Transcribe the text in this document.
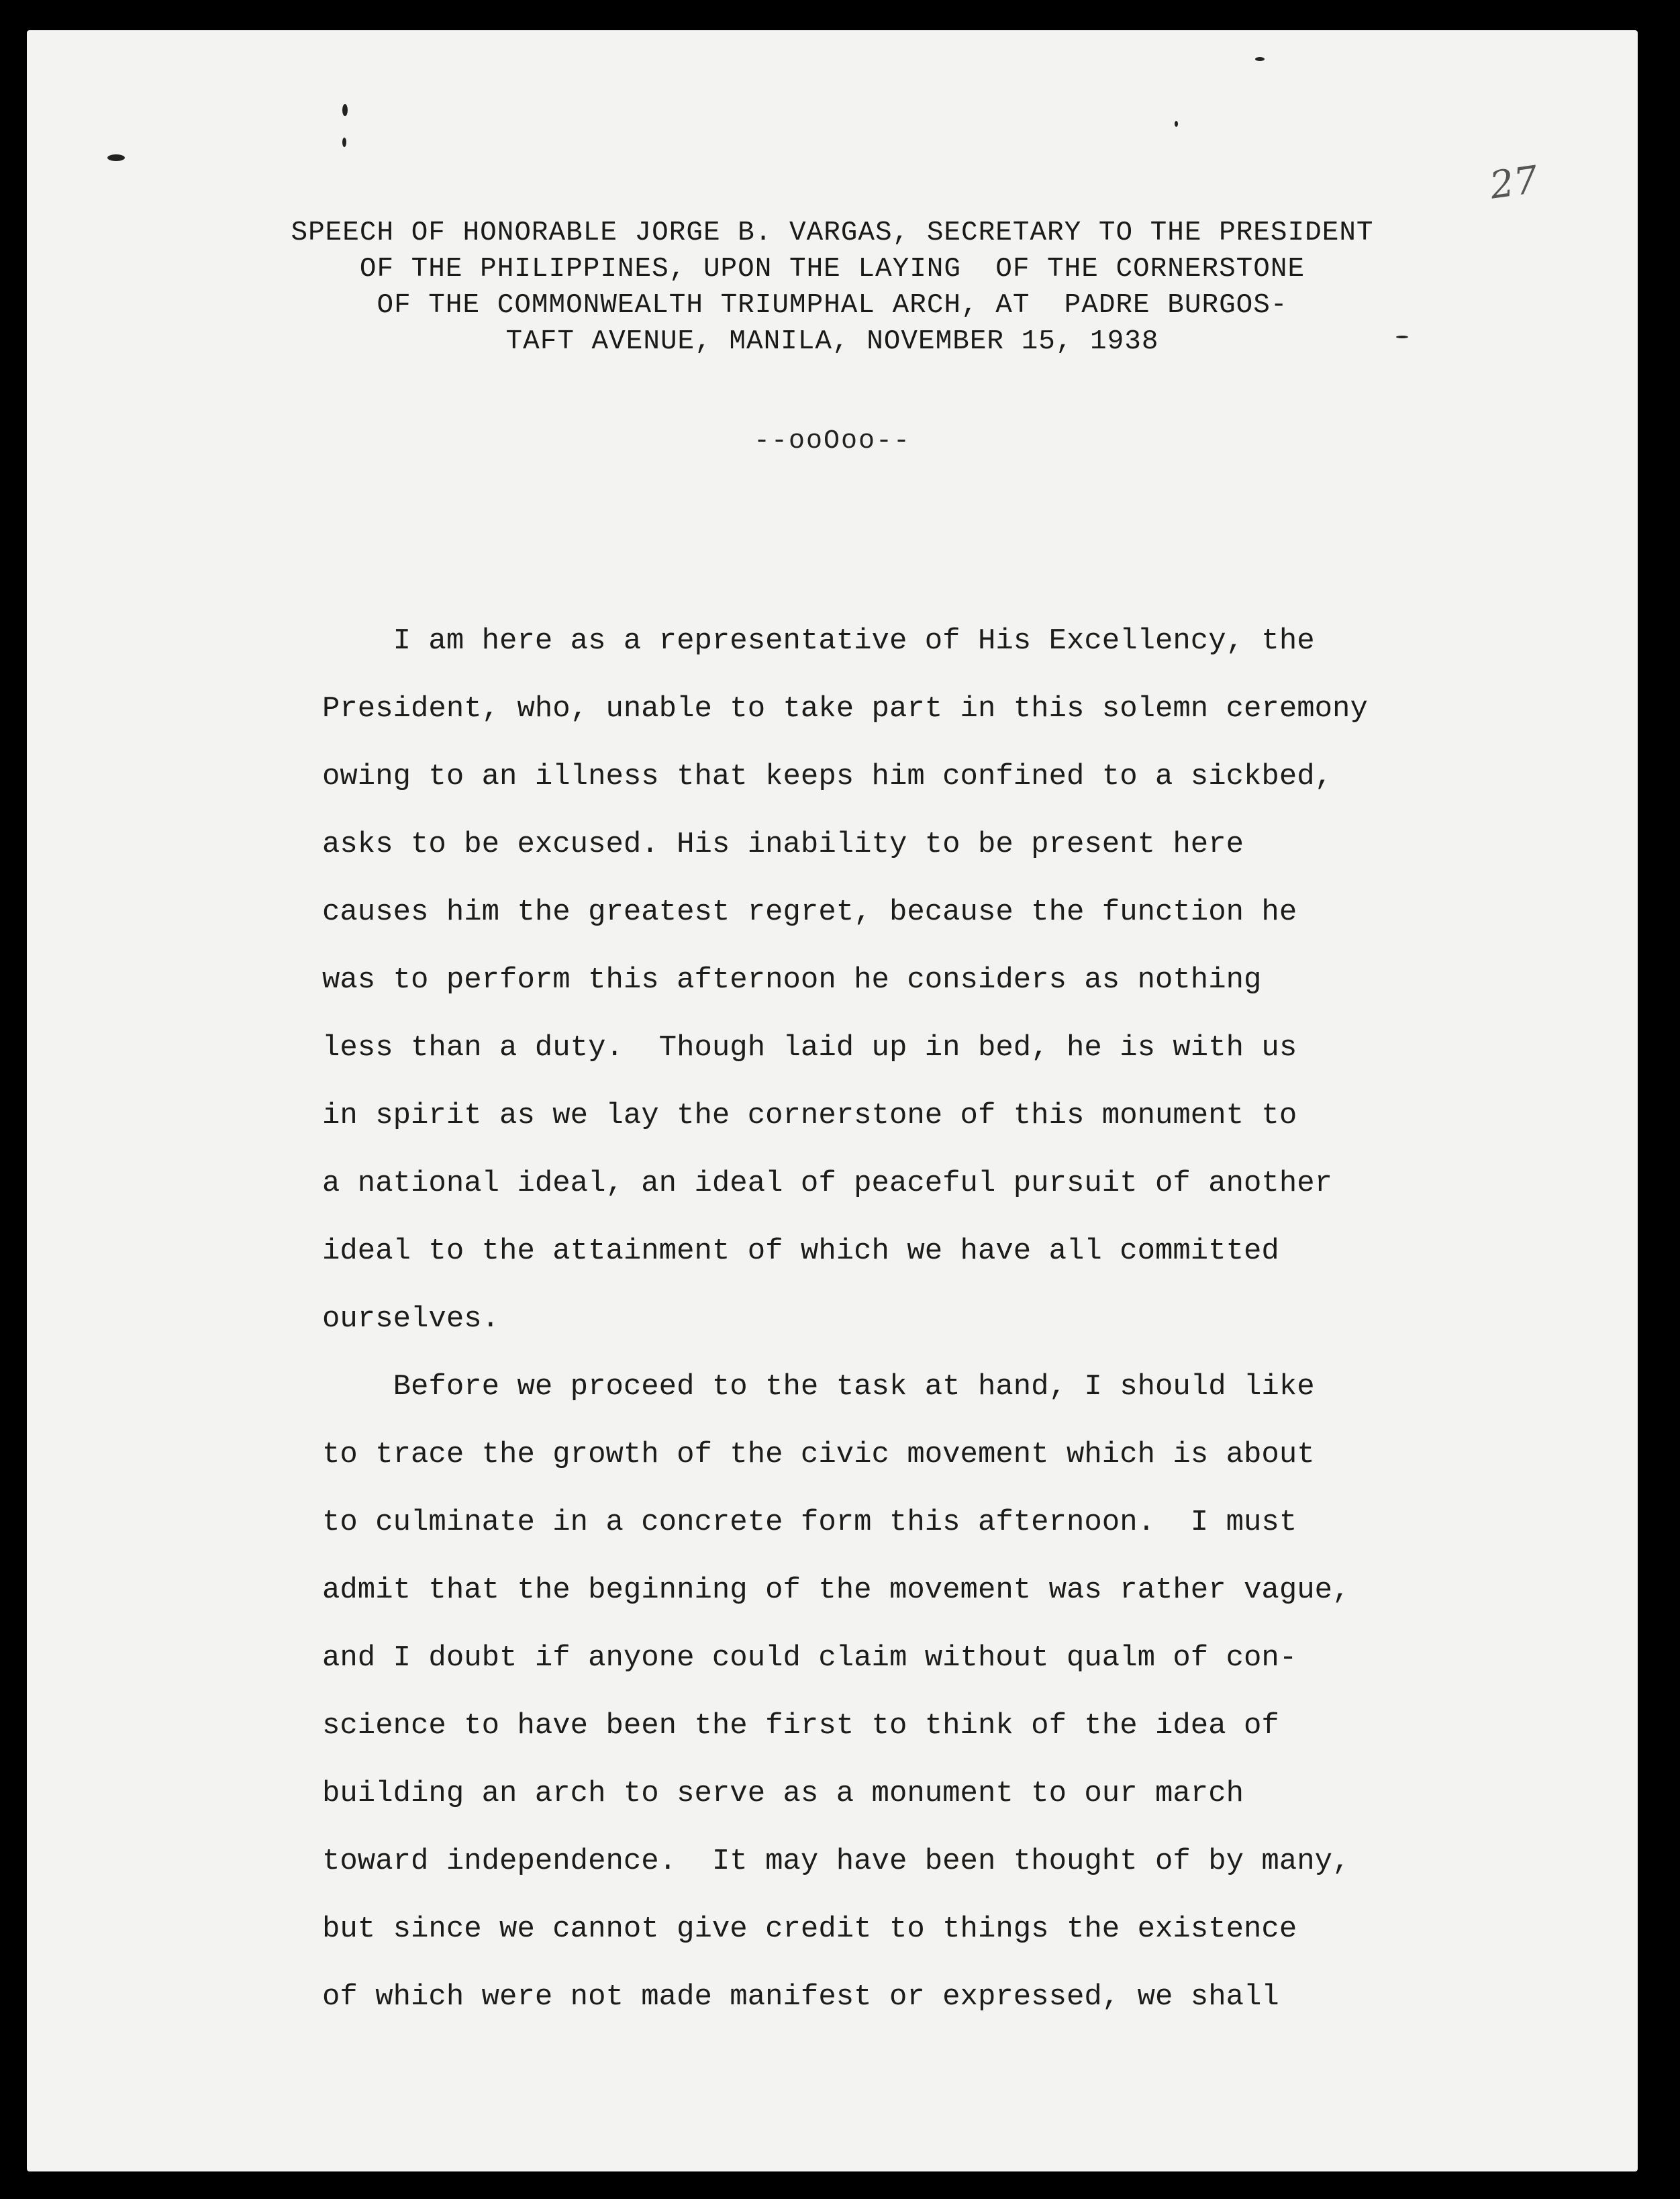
27
SPEECH OF HONORABLE JORGE B. VARGAS, SECRETARY TO THE PRESIDENT
OF THE PHILIPPINES, UPON THE LAYING  OF THE CORNERSTONE
OF THE COMMONWEALTH TRIUMPHAL ARCH, AT  PADRE BURGOS-
TAFT AVENUE, MANILA, NOVEMBER 15, 1938
--ooOoo--
I am here as a representative of His Excellency, the
President, who, unable to take part in this solemn ceremony
owing to an illness that keeps him confined to a sickbed,
asks to be excused. His inability to be present here
causes him the greatest regret, because the function he
was to perform this afternoon he considers as nothing
less than a duty.  Though laid up in bed, he is with us
in spirit as we lay the cornerstone of this monument to
a national ideal, an ideal of peaceful pursuit of another
ideal to the attainment of which we have all committed
ourselves.
Before we proceed to the task at hand, I should like
to trace the growth of the civic movement which is about
to culminate in a concrete form this afternoon.  I must
admit that the beginning of the movement was rather vague,
and I doubt if anyone could claim without qualm of con-
science to have been the first to think of the idea of
building an arch to serve as a monument to our march
toward independence.  It may have been thought of by many,
but since we cannot give credit to things the existence
of which were not made manifest or expressed, we shall
